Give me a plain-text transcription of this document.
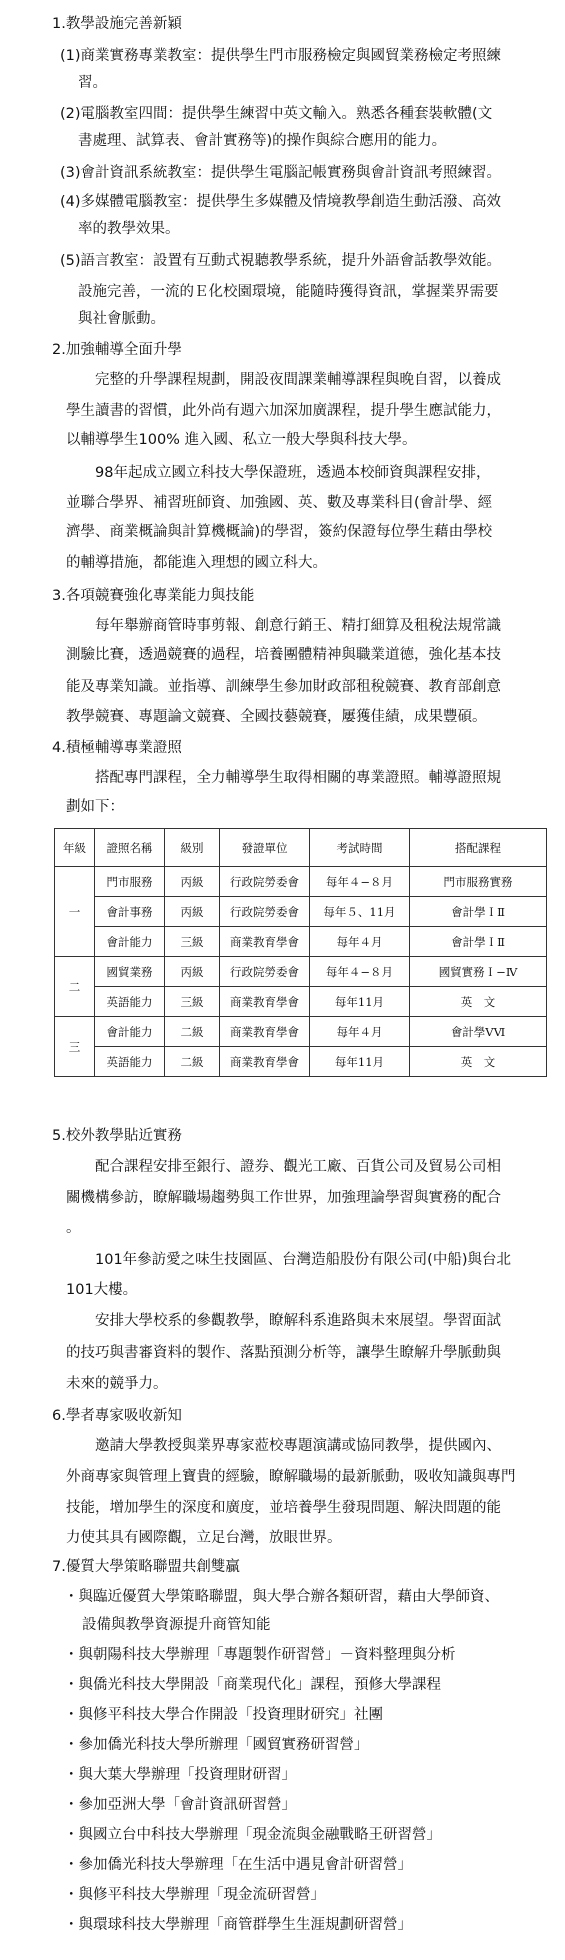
1.教學設施完善新穎
(1)商業實務專業教室：提供學生門市服務檢定與國貿業務檢定考照練
習。
(2)電腦教室四間：提供學生練習中英文輸入。熟悉各種套裝軟體(文
書處理、試算表、會計實務等)的操作與綜合應用的能力。
(3)會計資訊系統教室：提供學生電腦記帳實務與會計資訊考照練習。
(4)多媒體電腦教室：提供學生多媒體及情境教學創造生動活潑、高效
率的教學效果。
(5)語言教室：設置有互動式視聽教學系統，提升外語會話教學效能。
設施完善，一流的Ｅ化校園環境，能隨時獲得資訊，掌握業界需要
與社會脈動。
2.加強輔導全面升學
完整的升學課程規劃，開設夜間課業輔導課程與晚自習，以養成
學生讀書的習慣，此外尚有週六加深加廣課程，提升學生應試能力，
以輔導學生100% 進入國、私立一般大學與科技大學。
98年起成立國立科技大學保證班，透過本校師資與課程安排，
並聯合學界、補習班師資、加強國、英、數及專業科目(會計學、經
濟學、商業概論與計算機概論)的學習，簽約保證每位學生藉由學校
的輔導措施，都能進入理想的國立科大。
3.各項競賽強化專業能力與技能
每年舉辦商管時事剪報、創意行銷王、精打細算及租稅法規常識
測驗比賽，透過競賽的過程，培養團體精神與職業道德，強化基本技
能及專業知識。並指導、訓練學生參加財政部租稅競賽、教育部創意
教學競賽、專題論文競賽、全國技藝競賽，屢獲佳績，成果豐碩。
4.積極輔導專業證照
搭配專門課程，全力輔導學生取得相關的專業證照。輔導證照規
劃如下：
5.校外教學貼近實務
配合課程安排至銀行、證券、觀光工廠、百貨公司及貿易公司相
關機構參訪，瞭解職場趨勢與工作世界，加強理論學習與實務的配合
。
101年參訪愛之味生技園區、台灣造船股份有限公司(中船)與台北
101大樓。
安排大學校系的參觀教學，瞭解科系進路與未來展望。學習面試
的技巧與書審資料的製作、落點預測分析等，讓學生瞭解升學脈動與
未來的競爭力。
6.學者專家吸收新知
邀請大學教授與業界專家蒞校專題演講或協同教學，提供國內、
外商專家與管理上寶貴的經驗，瞭解職場的最新脈動，吸收知識與專門
技能，增加學生的深度和廣度，並培養學生發現問題、解決問題的能
力使其具有國際觀，立足台灣，放眼世界。
7.優質大學策略聯盟共創雙贏
・與臨近優質大學策略聯盟，與大學合辦各類研習，藉由大學師資、
設備與教學資源提升商管知能
・與朝陽科技大學辦理「專題製作研習營」－資料整理與分析
・與僑光科技大學開設「商業現代化」課程，預修大學課程
・與修平科技大學合作開設「投資理財研究」社團
・參加僑光科技大學所辦理「國貿實務研習營」
・與大葉大學辦理「投資理財研習」
・參加亞洲大學「會計資訊研習營」
・與國立台中科技大學辦理「現金流與金融戰略王研習營」
・參加僑光科技大學辦理「在生活中遇見會計研習營」
・與修平科技大學辦理「現金流研習營」
・與環球科技大學辦理「商管群學生生涯規劃研習營」
年級	證照名稱	級別	發證單位	考試時間	搭配課程
一	門市服務	丙級	行政院勞委會	每年４−８月	門市服務實務
	會計事務	丙級	行政院勞委會	每年５、11月	會計學ＩⅡ
	會計能力	三級	商業教育學會	每年４月	會計學ＩⅡ
二	國貿業務	丙級	行政院勞委會	每年４−８月	國貿實務Ｉ−Ⅳ
	英語能力	三級	商業教育學會	每年11月	英　文
三	會計能力	二級	商業教育學會	每年４月	會計學ⅤⅥ
	英語能力	二級	商業教育學會	每年11月	英　文
